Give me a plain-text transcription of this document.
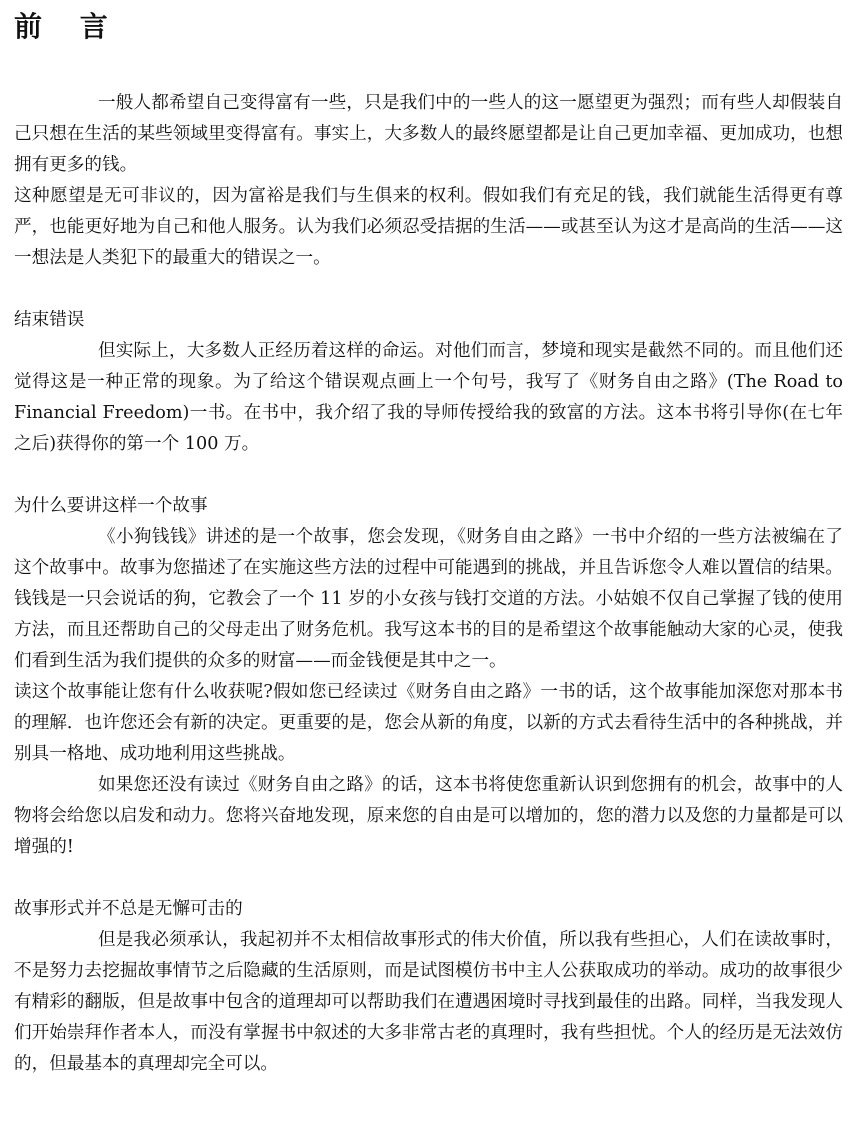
前 言

一般人都希望自己变得富有一些，只是我们中的一些人的这一愿望更为强烈；而有些人却假装自己只想在生活的某些领域里变得富有。事实上，大多数人的最终愿望都是让自己更加幸福、更加成功，也想拥有更多的钱。

这种愿望是无可非议的，因为富裕是我们与生俱来的权利。假如我们有充足的钱，我们就能生活得更有尊严，也能更好地为自己和他人服务。认为我们必须忍受拮据的生活——或甚至认为这才是高尚的生活——这一想法是人类犯下的最重大的错误之一。

结束错误

但实际上，大多数人正经历着这样的命运。对他们而言，梦境和现实是截然不同的。而且他们还觉得这是一种正常的现象。为了给这个错误观点画上一个句号，我写了《财务自由之路》(The Road to Financial Freedom)一书。在书中，我介绍了我的导师传授给我的致富的方法。这本书将引导你(在七年之后)获得你的第一个 100 万。

为什么要讲这样一个故事

《小狗钱钱》讲述的是一个故事，您会发现，《财务自由之路》一书中介绍的一些方法被编在了这个故事中。故事为您描述了在实施这些方法的过程中可能遇到的挑战，并且告诉您令人难以置信的结果。钱钱是一只会说话的狗，它教会了一个 11 岁的小女孩与钱打交道的方法。小姑娘不仅自己掌握了钱的使用方法，而且还帮助自己的父母走出了财务危机。我写这本书的目的是希望这个故事能触动大家的心灵，使我们看到生活为我们提供的众多的财富——而金钱便是其中之一。

读这个故事能让您有什么收获呢?假如您已经读过《财务自由之路》一书的话，这个故事能加深您对那本书的理解．也许您还会有新的决定。更重要的是，您会从新的角度，以新的方式去看待生活中的各种挑战，并别具一格地、成功地利用这些挑战。

如果您还没有读过《财务自由之路》的话，这本书将使您重新认识到您拥有的机会，故事中的人物将会给您以启发和动力。您将兴奋地发现，原来您的自由是可以增加的，您的潜力以及您的力量都是可以增强的!

故事形式并不总是无懈可击的

但是我必须承认，我起初并不太相信故事形式的伟大价值，所以我有些担心，人们在读故事时，不是努力去挖掘故事情节之后隐藏的生活原则，而是试图模仿书中主人公获取成功的举动。成功的故事很少有精彩的翻版，但是故事中包含的道理却可以帮助我们在遭遇困境时寻找到最佳的出路。同样，当我发现人们开始崇拜作者本人，而没有掌握书中叙述的大多非常古老的真理时，我有些担忧。个人的经历是无法效仿的，但最基本的真理却完全可以。
